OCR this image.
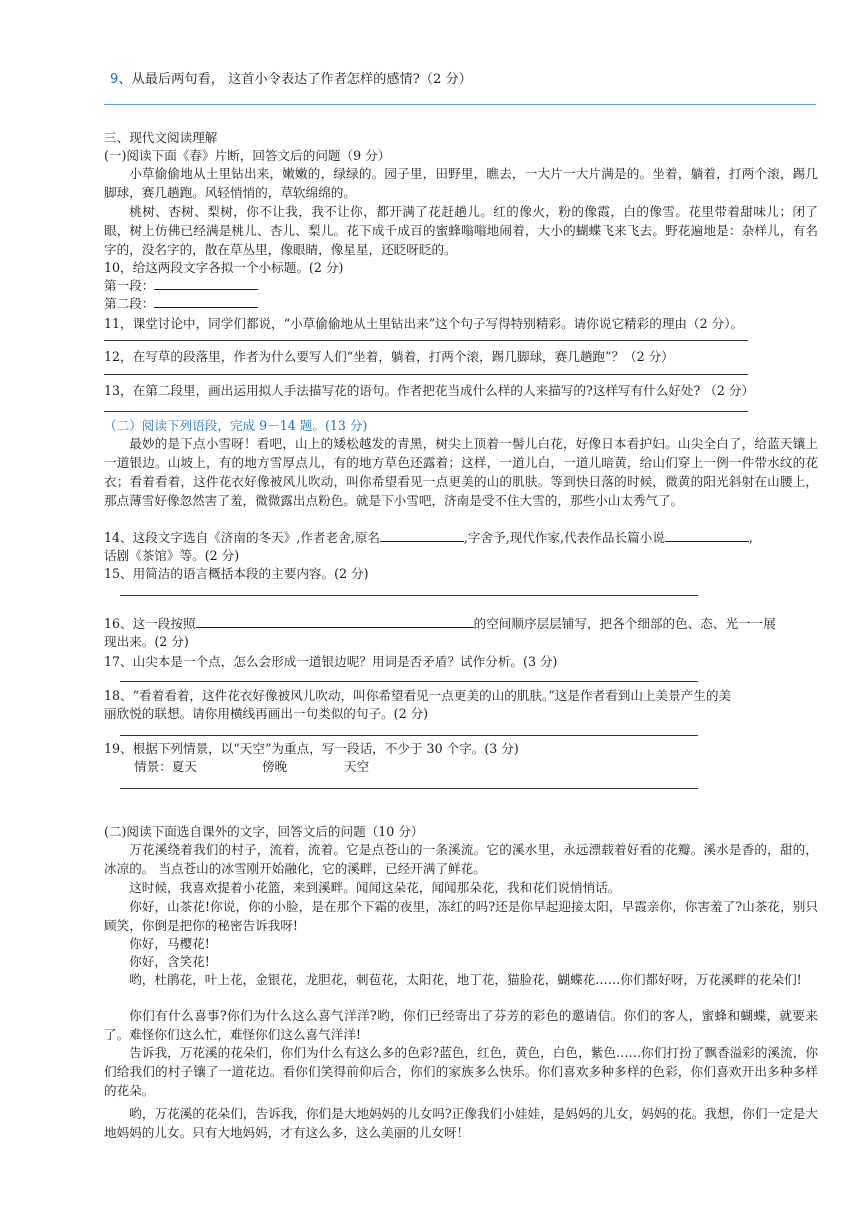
9、从最后两句看， 这首小令表达了作者怎样的感情?（2 分）
三、现代文阅读理解
(一)阅读下面《春》片断，回答文后的问题（9 分）
小草偷偷地从土里钻出来，嫩嫩的，绿绿的。园子里，田野里，瞧去，一大片一大片满是的。坐着，躺着，打两个滚，踢几脚球，赛几趟跑。风轻悄悄的，草软绵绵的。
桃树、杏树、梨树，你不让我，我不让你，都开满了花赶趟儿。红的像火，粉的像霞，白的像雪。花里带着甜味儿；闭了眼，树上仿佛已经满是桃儿、杏儿、梨儿。花下成千成百的蜜蜂嗡嗡地闹着，大小的蝴蝶飞来飞去。野花遍地是：杂样儿，有名字的，没名字的，散在草丛里，像眼睛，像星星，还眨呀眨的。
10，给这两段文字各拟一个小标题。(2 分)
第一段：
第二段：
11，课堂讨论中，同学们都说，“小草偷偷地从土里钻出来”这个句子写得特别精彩。请你说它精彩的理由（2 分）。
12，在写草的段落里，作者为什么要写人们“坐着，躺着，打两个滚，踢几脚球，赛几趟跑”？（2 分）
13，在第二段里，画出运用拟人手法描写花的语句。作者把花当成什么样的人来描写的?这样写有什么好处? （2 分）
（二）阅读下列语段，完成 9－14 题。(13 分)
最妙的是下点小雪呀！看吧，山上的矮松越发的青黑，树尖上顶着一髻儿白花，好像日本看护妇。山尖全白了，给蓝天镶上一道银边。山坡上，有的地方雪厚点儿，有的地方草色还露着；这样，一道儿白，一道儿暗黄，给山们穿上一例一件带水纹的花衣；看着看着，这件花衣好像被风儿吹动，叫你希望看见一点更美的山的肌肤。等到快日落的时候，微黄的阳光斜射在山腰上，那点薄雪好像忽然害了羞，微微露出点粉色。就是下小雪吧，济南是受不住大雪的，那些小山太秀气了。
14、这段文字选自《济南的冬天》,作者老舍,原名	,字舍予,现代作家,代表作品长篇小说	,
话剧《茶馆》等。(2 分)
15、用简洁的语言概括本段的主要内容。(2 分)
16、这一段按照	的空间顺序层层铺写，把各个细部的色、态、光一一展
现出来。(2 分)
17、山尖本是一个点，怎么会形成一道银边呢？用词是否矛盾？试作分析。(3 分)
18、“看着看着，这件花衣好像被风儿吹动，叫你希望看见一点更美的山的肌肤。”这是作者看到山上美景产生的美
丽欣悦的联想。请你用横线再画出一句类似的句子。(2 分)
19、根据下列情景，以“天空”为重点，写一段话，不少于 30 个字。(3 分)
情景：夏天	傍晚	天空
(二)阅读下面选自课外的文字，回答文后的问题（10 分）
万花溪绕着我们的村子，流着，流着。它是点苍山的一条溪流。它的溪水里，永远漂载着好看的花瓣。溪水是香的，甜的，冰凉的。 当点苍山的冰雪刚开始融化，它的溪畔，已经开满了鲜花。
这时候，我喜欢提着小花篮，来到溪畔。闻闻这朵花，闻闻那朵花，我和花们说悄悄话。
你好，山茶花!你说，你的小脸，是在那个下霜的夜里，冻红的吗?还是你早起迎接太阳，早霞亲你，你害羞了?山茶花，别只顾笑，你倒是把你的秘密告诉我呀!
你好，马樱花!
你好，含笑花!
哟，杜鹃花，叶上花，金银花，龙胆花，刺苞花，太阳花，地丁花，猫脸花，蝴蝶花……你们都好呀，万花溪畔的花朵们!
你们有什么喜事?你们为什么这么喜气洋洋?哟，你们已经寄出了芬芳的彩色的邀请信。你们的客人，蜜蜂和蝴蝶，就要来了。难怪你们这么忙，难怪你们这么喜气洋洋!
告诉我，万花溪的花朵们，你们为什么有这么多的色彩?蓝色，红色，黄色，白色，紫色……你们打扮了飘香溢彩的溪流，你们给我们的村子镶了一道花边。看你们笑得前仰后合，你们的家族多么快乐。你们喜欢多种多样的色彩，你们喜欢开出多种多样的花朵。
哟，万花溪的花朵们，告诉我，你们是大地妈妈的儿女吗?正像我们小娃娃，是妈妈的儿女，妈妈的花。我想，你们一定是大地妈妈的儿女。只有大地妈妈，才有这么多，这么美丽的儿女呀！
